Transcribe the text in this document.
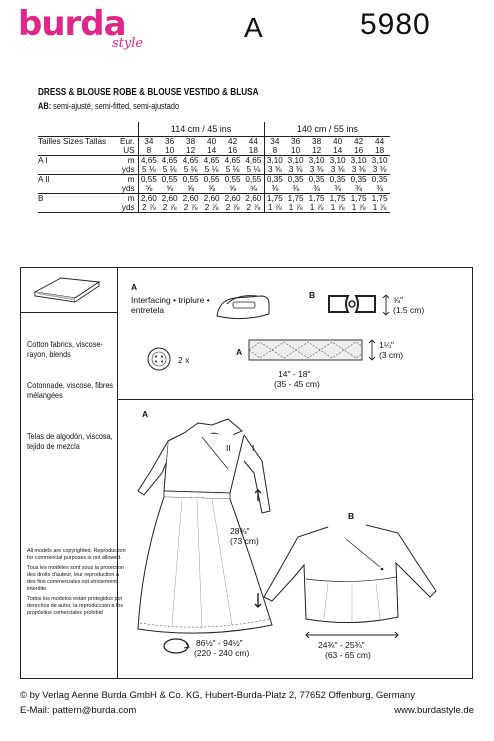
burda
style
A	5980
DRESS & BLOUSE ROBE & BLOUSE VESTIDO & BLUSA
AB: semi-ajusté, semi-fitted, semi-ajustado
		114 cm / 45 ins						140 cm / 55 ins					
Tailles Sizes Tallas	Eur.	34	36	38	40	42	44	34	36	38	40	42	44
	US	8	10	12	14	16	18	8	10	12	14	16	18
A I	m	4,65	4,65	4,65	4,65	4,65	4,65	3,10	3,10	3,10	3,10	3,10	3,10
	yds	5 ⅛	5 ⅛	5 ⅛	5 ⅛	5 ⅛	5 ⅛	3 ⅜	3 ⅜	3 ⅜	3 ⅜	3 ⅜	3 ⅜
A II	m	0,55	0,55	0,55	0,55	0,55	0,55	0,35	0,35	0,35	0,35	0,35	0,35
	yds	⅝	⅝	⅝	⅝	⅝	⅝	⅜	⅜	⅜	⅜	⅜	⅜
B	m	2,60	2,60	2,60	2,60	2,60	2,60	1,75	1,75	1,75	1,75	1,75	1,75
	yds	2 ⅞	2 ⅞	2 ⅞	2 ⅞	2 ⅞	2 ⅞	1 ⅞	1 ⅞	1 ⅞	1 ⅞	1 ⅞	1 ⅞
Cotton fabrics, viscose-rayon, blends
Cotonnade, viscose, fibres mélangées
Telas de algodón, viscosa, tejido de mezcla

All models are copyrighted. Reproduction for commercial purposes is not allowed.

Tous les modèles sont sous la protection des droits d'auteur, leur reproduction à des fins commerciales est strictement interdite.

Todos los modelos están protegidos por derechos de autor, la reproducción a los propósitos comerciales prohibid

A
Interfacing • triplure •
entretela
2 x
B	⅝"
(1.5 cm)
A
1¼"
(3 cm)
14" - 18"
(35 - 45 cm)
A
II	I
28¾"
(73 cm)
86½" - 94½"
(220 - 240 cm)
B
24¾" - 25¾"
(63 - 65 cm)
© by Verlag Aenne Burda GmbH & Co. KG, Hubert-Burda-Platz 2, 77652 Offenburg, Germany
E-Mail: pattern@burda.com	www.burdastyle.de
